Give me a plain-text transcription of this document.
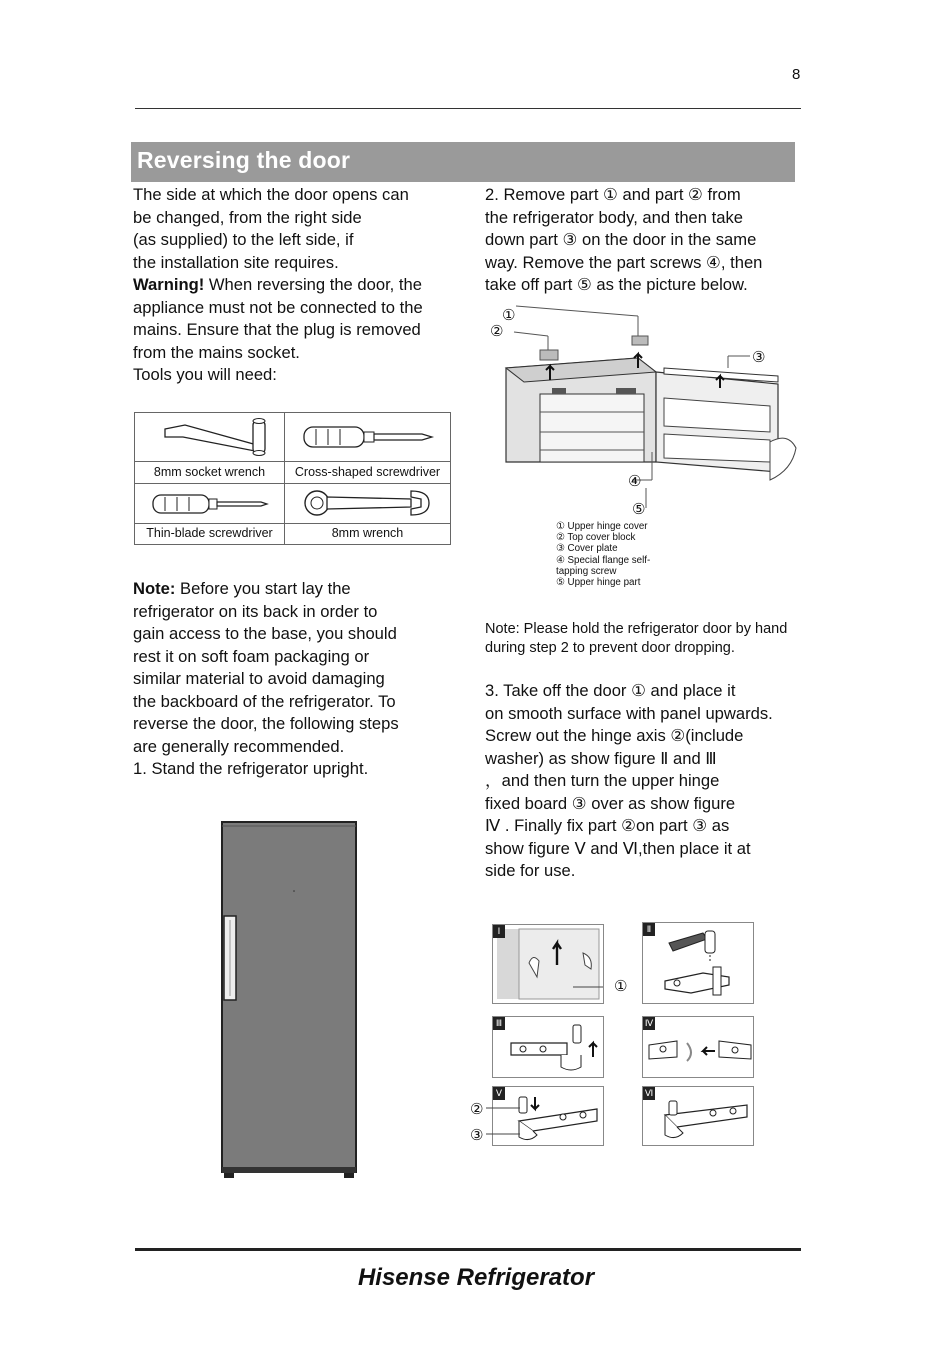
8
Reversing the door
The side at which the door opens can
be changed, from the right side
(as supplied) to the left side, if
the installation site requires.
Warning! When reversing the door, the
appliance must not be connected to the
mains. Ensure that the plug is removed
from the mains socket.
Tools you will need:
8mm socket wrench	Cross-shaped screwdriver
Thin-blade screwdriver	8mm wrench
Note: Before you start lay the
refrigerator on its back in order to
gain access to the base, you should
rest it on soft foam packaging or
similar material to avoid damaging
the backboard of the refrigerator. To
reverse the door, the following steps
are generally recommended.
1. Stand the refrigerator upright.
2. Remove part ① and part ② from
the refrigerator body, and then take
down part ③ on the door in the same
way. Remove the part screws ④, then
take off part ⑤ as the picture below.
①
②
③
④
⑤
① Upper hinge cover
② Top cover block
③ Cover plate
④ Special flange self-
tapping screw
⑤ Upper hinge part
Note: Please hold the refrigerator door by hand
during step 2 to prevent door dropping.
3. Take off the door ① and place it
on smooth surface with panel upwards.
Screw out the hinge axis ②(include
washer) as show figure Ⅱ and Ⅲ
，and then turn the upper hinge
fixed board ③ over as show figure
Ⅳ . Finally fix part ②on part ③ as
show figure Ⅴ and Ⅵ,then place it at
side for use.
Ⅰ
①
Ⅱ
Ⅲ	Ⅳ
Ⅴ
②
③
Ⅵ
Hisense Refrigerator
